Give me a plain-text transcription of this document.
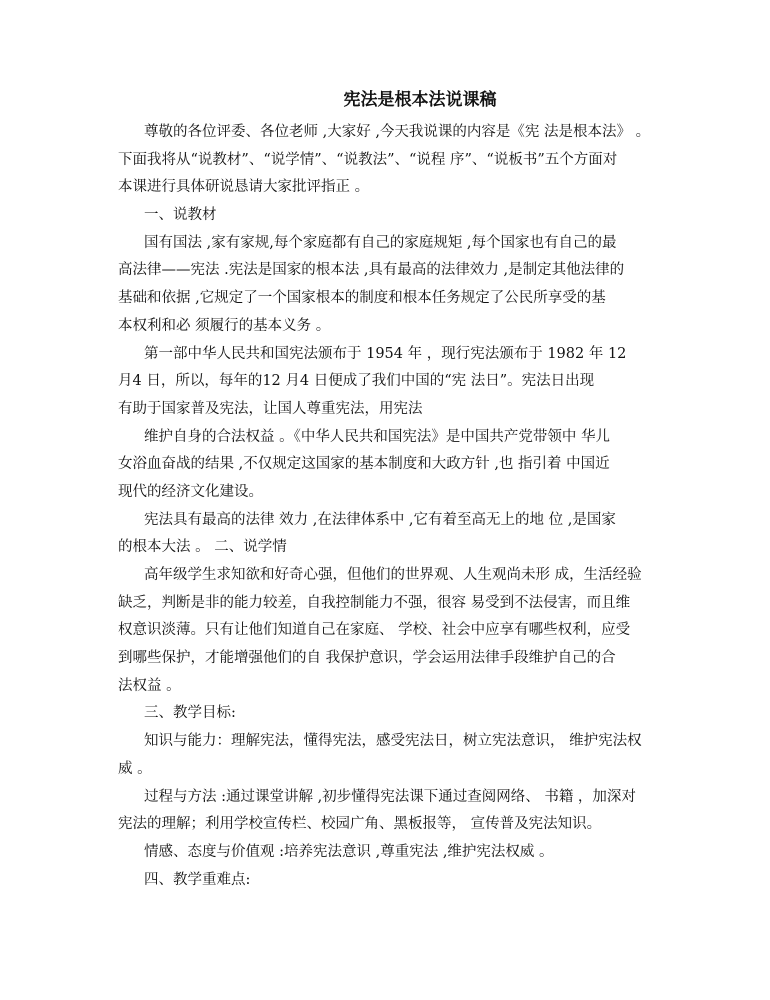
宪法是根本法说课稿
尊敬的各位评委、各位老师 ,大家好 ,今天我说课的内容是《宪 法是根本法》 。
下面我将从“说教材”、“说学情”、“说教法”、“说程 序”、“说板书”五个方面对
本课进行具体研说恳请大家批评指正 。
一、说教材
国有国法 ,家有家规,每个家庭都有自己的家庭规矩 ,每个国家也有自己的最
高法律——宪法 .宪法是国家的根本法 ,具有最高的法律效力 ,是制定其他法律的
基础和依据 ,它规定了一个国家根本的制度和根本任务规定了公民所享受的基
本权利和必 须履行的基本义务 。
第一部中华人民共和国宪法颁布于 1954 年 ，现行宪法颁布于 1982 年 12
月4 日，所以，每年的12 月4 日便成了我们中国的“宪 法日”。宪法日出现
有助于国家普及宪法，让国人尊重宪法，用宪法
维护自身的合法权益 。《中华人民共和国宪法》是中国共产党带领中 华儿
女浴血奋战的结果 ,不仅规定这国家的基本制度和大政方针 ,也 指引着 中国近
现代的经济文化建设。
宪法具有最高的法律 效力 ,在法律体系中 ,它有着至高无上的地 位 ,是国家
的根本大法 。 二、说学情
高年级学生求知欲和好奇心强，但他们的世界观、人生观尚未形 成，生活经验
缺乏，判断是非的能力较差，自我控制能力不强，很容 易受到不法侵害，而且维
权意识淡薄。只有让他们知道自己在家庭、 学校、社会中应享有哪些权利，应受
到哪些保护，才能增强他们的自 我保护意识，学会运用法律手段维护自己的合
法权益 。
三、教学目标:
知识与能力：理解宪法，懂得宪法，感受宪法日，树立宪法意识， 维护宪法权
威 。
过程与方法 :通过课堂讲解 ,初步懂得宪法课下通过查阅网络、 书籍 ，加深对
宪法的理解；利用学校宣传栏、校园广角、黑板报等， 宣传普及宪法知识。
情感、态度与价值观 :培养宪法意识 ,尊重宪法 ,维护宪法权威 。
四、教学重难点:
